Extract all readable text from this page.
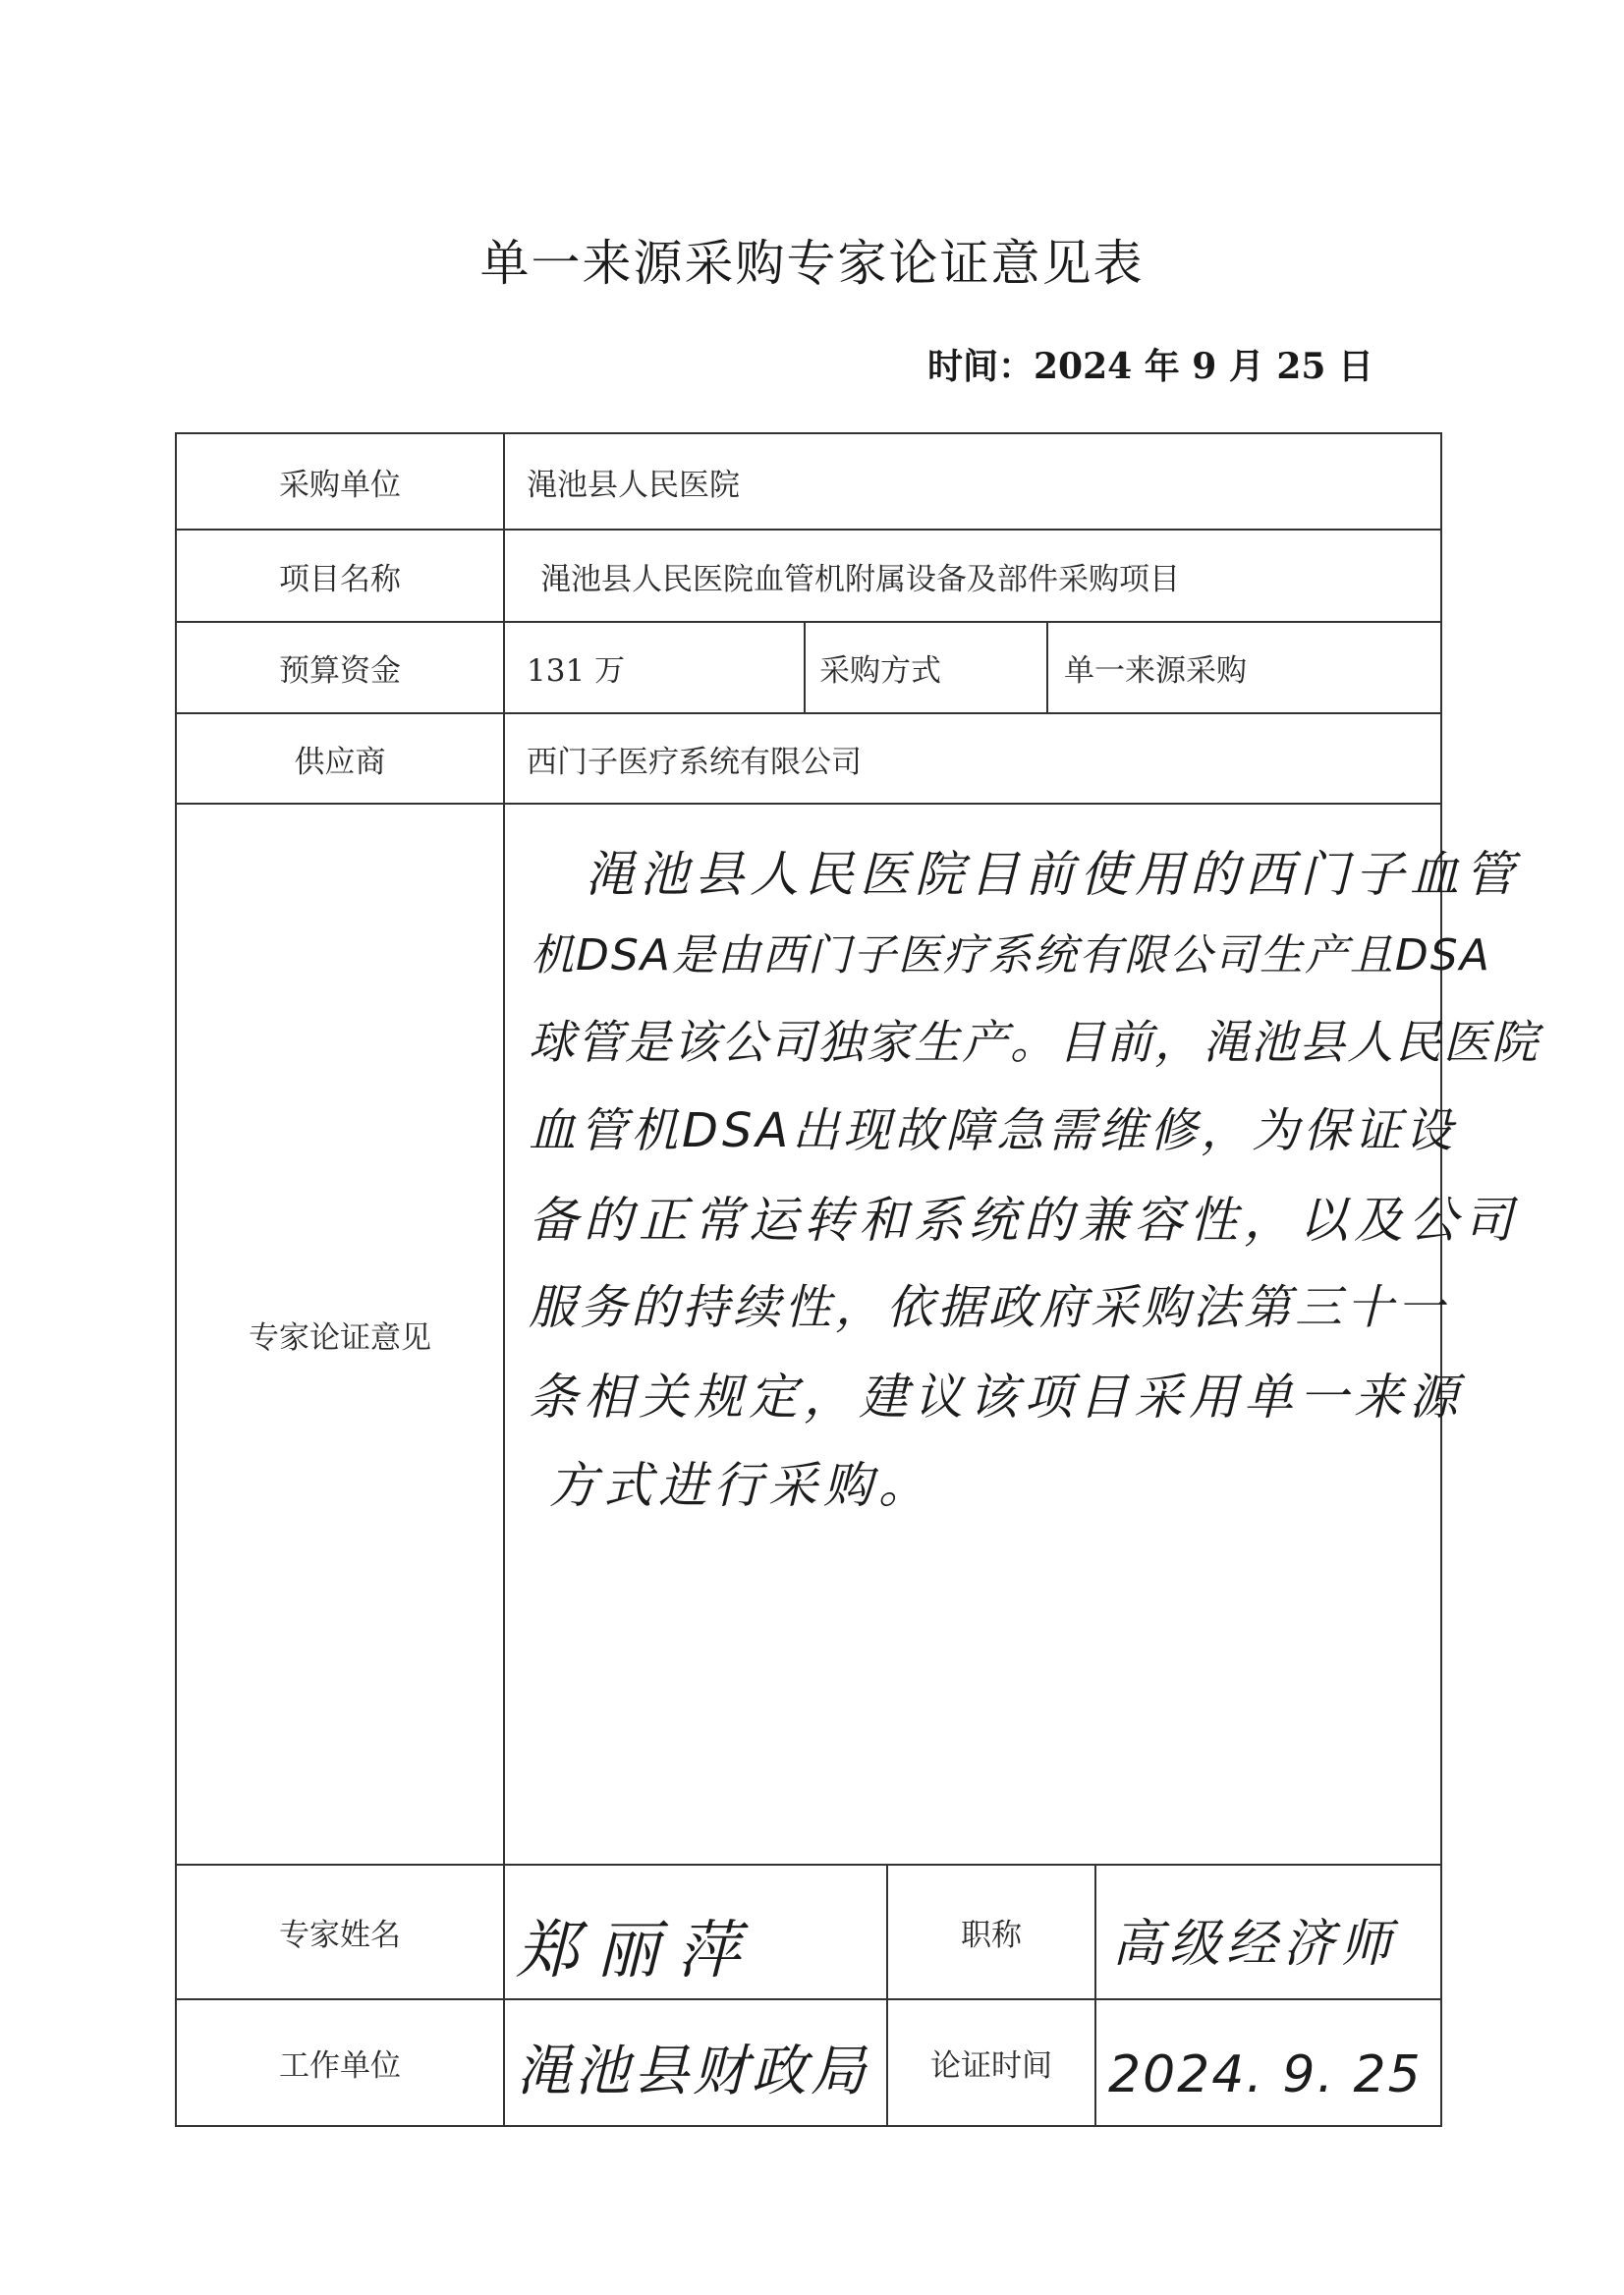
单一来源采购专家论证意见表
时间：2024 年 9 月 25 日
采购单位	渑池县人民医院
项目名称	渑池县人民医院血管机附属设备及部件采购项目
预算资金	131 万	采购方式	单一来源采购
供应商	西门子医疗系统有限公司
专家论证意见
渑池县人民医院目前使用的西门子血管
机DSA是由西门子医疗系统有限公司生产且DSA
球管是该公司独家生产。目前，渑池县人民医院
血管机DSA出现故障急需维修，为保证设
备的正常运转和系统的兼容性，以及公司
服务的持续性，依据政府采购法第三十一
条相关规定，建议该项目采用单一来源
方式进行采购。
专家姓名	郑丽萍	职称	高级经济师
工作单位	渑池县财政局	论证时间	2024. 9. 25
